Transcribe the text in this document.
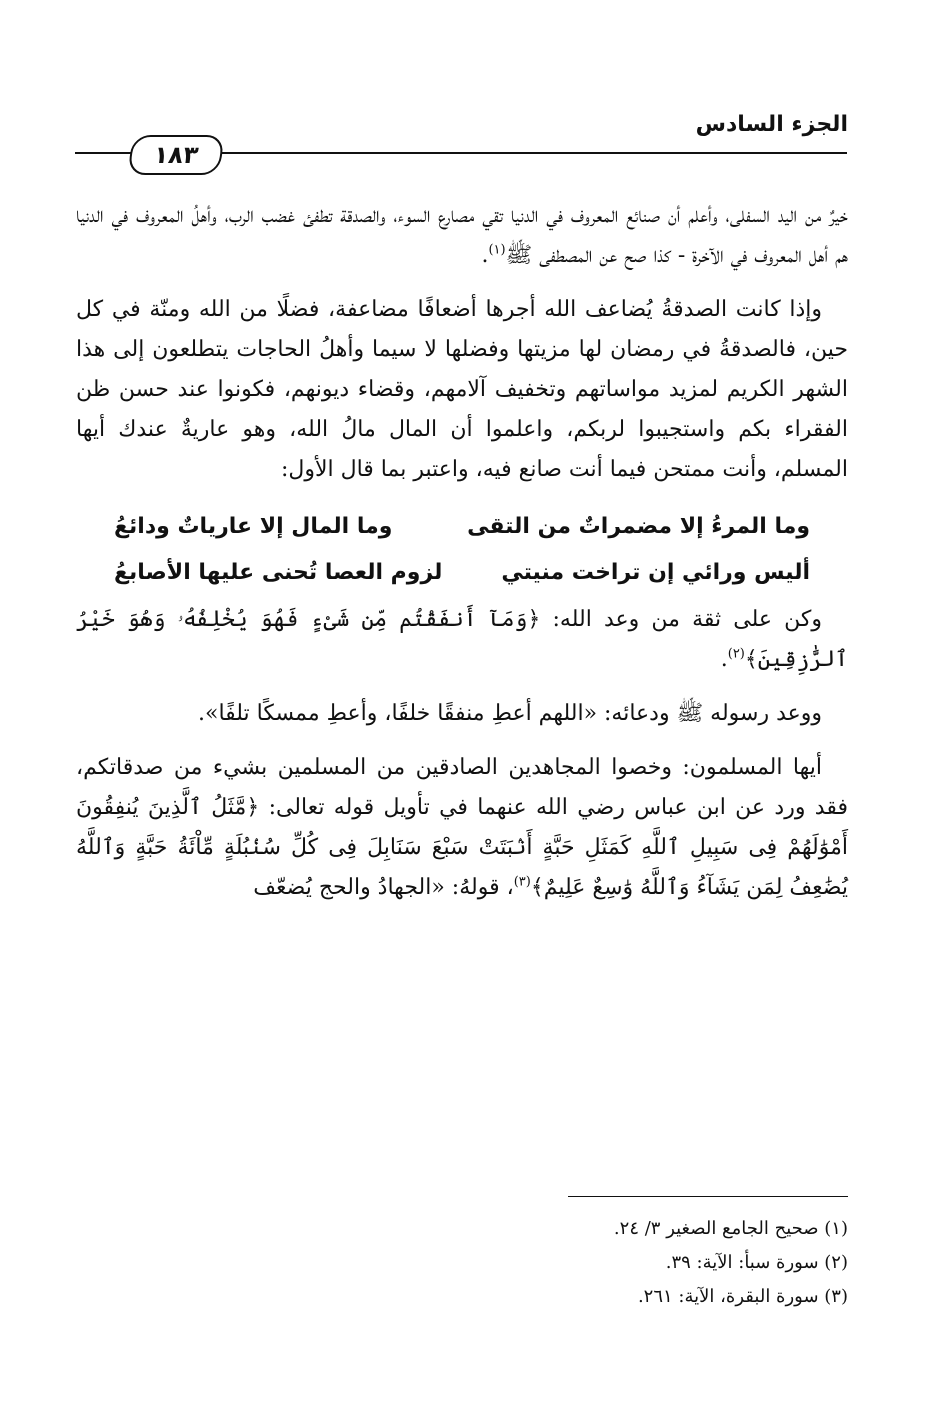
الجزء السادس
١٨٣

خيرٌ من اليد السفلى، وأعلم أن صنائع المعروف في الدنيا تقي مصارع السوء، والصدقة تطفئ غضب الرب، وأهلُ المعروف في الدنيا هم أهل المعروف في الآخرة - كذا صح عن المصطفى ﷺ$^{(١)}$.

وإذا كانت الصدقةُ يُضاعف الله أجرها أضعافًا مضاعفة، فضلًا من الله ومنّة في كل حين، فالصدقةُ في رمضان لها مزيتها وفضلها لا سيما وأهلُ الحاجات يتطلعون إلى هذا الشهر الكريم لمزيد مواساتهم وتخفيف آلامهم، وقضاء ديونهم، فكونوا عند حسن ظن الفقراء بكم واستجيبوا لربكم، واعلموا أن المال مالُ الله، وهو عاريةٌ عندك أيها المسلم، وأنت ممتحن فيما أنت صانع فيه، واعتبر بما قال الأول:

وما المرءُ إلا مضمراتٌ من التقى
وما المال إلا عارياتٌ ودائعُ
أليس ورائي إن تراخت منيتي
لزوم العصا تُحنى عليها الأصابعُ

وكن على ثقة من وعد الله: ﴿وَمَآ أَنفَقْتُم مِّن شَىْءٍ فَهُوَ يُخْلِفُهُۥ وَهُوَ خَيْرُ ٱلرَّٰزِقِينَ﴾$^{(٢)}$.

ووعد رسوله ﷺ ودعائه: «اللهم أعطِ منفقًا خلفًا، وأعطِ ممسكًا تلفًا».

أيها المسلمون: وخصوا المجاهدين الصادقين من المسلمين بشيء من صدقاتكم، فقد ورد عن ابن عباس رضي الله عنهما في تأويل قوله تعالى: ﴿مَّثَلُ ٱلَّذِينَ يُنفِقُونَ أَمْوَٰلَهُمْ فِى سَبِيلِ ٱللَّهِ كَمَثَلِ حَبَّةٍ أَنۢبَتَتْ سَبْعَ سَنَابِلَ فِى كُلِّ سُنۢبُلَةٍ مِّاْئَةُ حَبَّةٍ وَٱللَّهُ يُضَٰعِفُ لِمَن يَشَآءُ وَٱللَّهُ وَٰسِعٌ عَلِيمٌ﴾$^{(٣)}$، قولهُ: «الجهادُ والحج يُضعّف

(١) صحيح الجامع الصغير ٣/ ٢٤.
(٢) سورة سبأ: الآية: ٣٩.
(٣) سورة البقرة، الآية: ٢٦١.
